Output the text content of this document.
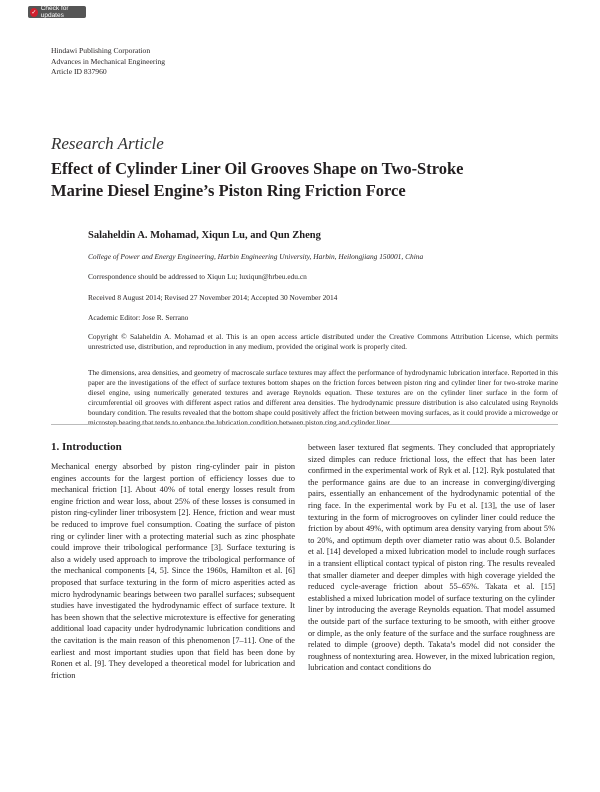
✓
Check for updates
Hindawi Publishing Corporation
Advances in Mechanical Engineering
Article ID 837960
Research Article
Effect of Cylinder Liner Oil Grooves Shape on Two-Stroke Marine Diesel Engine’s Piston Ring Friction Force
Salaheldin A. Mohamad, Xiqun Lu, and Qun Zheng
College of Power and Energy Engineering, Harbin Engineering University, Harbin, Heilongjiang 150001, China
Correspondence should be addressed to Xiqun Lu; luxiqun@hrbeu.edu.cn
Received 8 August 2014; Revised 27 November 2014; Accepted 30 November 2014
Academic Editor: Jose R. Serrano
Copyright © Salaheldin A. Mohamad et al. This is an open access article distributed under the Creative Commons Attribution License, which permits unrestricted use, distribution, and reproduction in any medium, provided the original work is properly cited.
The dimensions, area densities, and geometry of macroscale surface textures may affect the performance of hydrodynamic lubrication interface. Reported in this paper are the investigations of the effect of surface textures bottom shapes on the friction forces between piston ring and cylinder liner for two-stroke marine diesel engine, using numerically generated textures and average Reynolds equation. These textures are on the cylinder liner surface in the form of circumferential oil grooves with different aspect ratios and different area densities. The hydrodynamic pressure distribution is also calculated using Reynolds boundary condition. The results revealed that the bottom shape could positively affect the friction between moving surfaces, as it could provide a microwedge or microstep bearing that tends to enhance the lubrication condition between piston ring and cylinder liner.
1. Introduction

Mechanical energy absorbed by piston ring-cylinder pair in piston engines accounts for the largest portion of efficiency losses due to mechanical friction [1]. About 40% of total energy losses result from engine friction and wear loss, about 25% of these losses is consumed in piston ring-cylinder liner tribosystem [2]. Hence, friction and wear must be reduced to improve fuel consumption. Coating the surface of piston ring or cylinder liner with a protecting material such as zinc phosphate could improve their tribological performance [3]. Surface texturing is also a widely used approach to improve the tribological performance of the mechanical components [4, 5]. Since the 1960s, Hamilton et al. [6] proposed that surface texturing in the form of micro asperities acted as micro hydrodynamic bearings between two parallel surfaces; subsequent studies have investigated the hydrodynamic effect of surface texture. It has been shown that the selective microtexture is effective for generating additional load capacity under hydrodynamic lubrication conditions and the cavitation is the main reason of this phenomenon [7–11]. One of the earliest and most important studies upon that field has been done by Ronen et al. [9]. They developed a theoretical model for lubrication and friction

between laser textured flat segments. They concluded that appropriately sized dimples can reduce frictional loss, the effect that has been later confirmed in the experimental work of Ryk et al. [12]. Ryk postulated that the performance gains are due to an increase in converging/diverging pairs, essentially an enhancement of the hydrodynamic potential of the ring face. In the experimental work by Fu et al. [13], the use of laser texturing in the form of microgrooves on cylinder liner could reduce the friction by about 49%, with optimum area density varying from about 5% to 20%, and optimum depth over diameter ratio was about 0.5. Bolander et al. [14] developed a mixed lubrication model to include rough surfaces in a transient elliptical contact typical of piston ring. The results revealed that smaller diameter and deeper dimples with high coverage yielded the reduced cycle-average friction about 55–65%. Takata et al. [15] established a mixed lubrication model of surface texturing on the cylinder liner by introducing the average Reynolds equation. That model assumed the outside part of the surface texturing to be smooth, with either groove or dimple, as the only feature of the surface and the surface roughness are related to dimple (groove) depth. Takata’s model did not consider the roughness of nontexturing area. However, in the mixed lubrication region, lubrication and contact conditions do
